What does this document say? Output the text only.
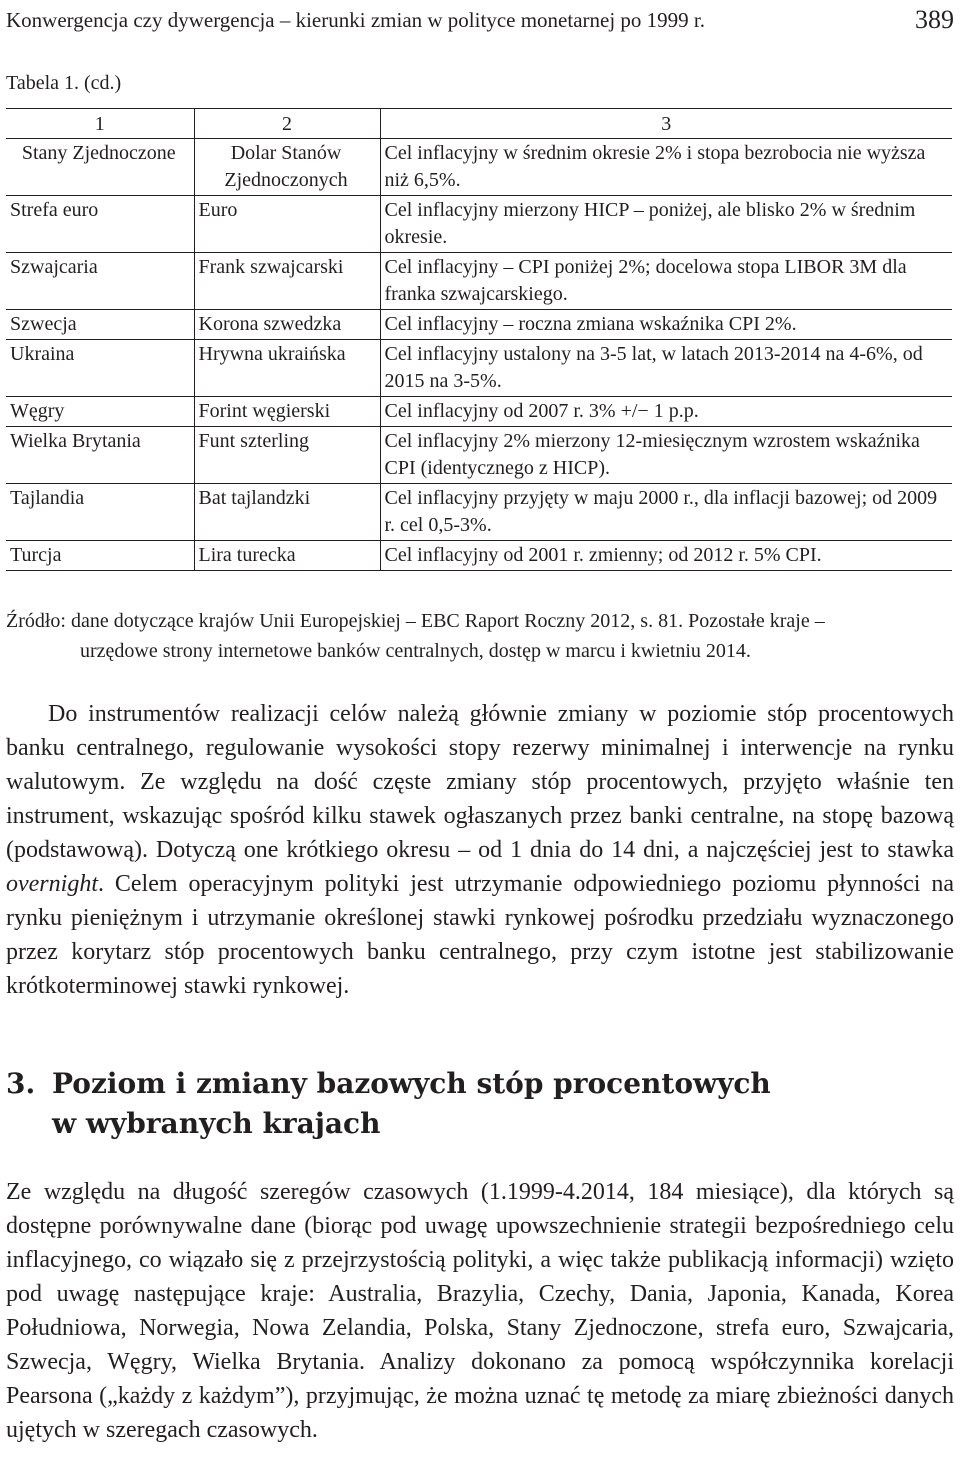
Konwergencja czy dywergencja – kierunki zmian w polityce monetarnej po 1999 r.	389
Tabela 1. (cd.)
1	2	3
Stany Zjednoczone	Dolar Stanów Zjednoczonych	Cel inflacyjny w średnim okresie 2% i stopa bezrobocia nie wyższa niż 6,5%.
Strefa euro	Euro	Cel inflacyjny mierzony HICP – poniżej, ale blisko 2% w średnim okresie.
Szwajcaria	Frank szwajcarski	Cel inflacyjny – CPI poniżej 2%; docelowa stopa LIBOR 3M dla franka szwajcarskiego.
Szwecja	Korona szwedzka	Cel inflacyjny – roczna zmiana wskaźnika CPI 2%.
Ukraina	Hrywna ukraińska	Cel inflacyjny ustalony na 3-5 lat, w latach 2013-2014 na 4-6%, od 2015 na 3-5%.
Węgry	Forint węgierski	Cel inflacyjny od 2007 r. 3% +/− 1 p.p.
Wielka Brytania	Funt szterling	Cel inflacyjny 2% mierzony 12-miesięcznym wzrostem wskaźnika CPI (identycznego z HICP).
Tajlandia	Bat tajlandzki	Cel inflacyjny przyjęty w maju 2000 r., dla inflacji bazowej; od 2009 r. cel 0,5-3%.
Turcja	Lira turecka	Cel inflacyjny od 2001 r. zmienny; od 2012 r. 5% CPI.
Źródło: dane dotyczące krajów Unii Europejskiej – EBC Raport Roczny 2012, s. 81. Pozostałe kraje –
urzędowe strony internetowe banków centralnych, dostęp w marcu i kwietniu 2014.

Do instrumentów realizacji celów należą głównie zmiany w poziomie stóp procentowych banku centralnego, regulowanie wysokości stopy rezerwy minimalnej i interwencje na rynku walutowym. Ze względu na dość częste zmiany stóp procentowych, przyjęto właśnie ten instrument, wskazując spośród kilku stawek ogłaszanych przez banki centralne, na stopę bazową (podstawową). Dotyczą one krótkiego okresu – od 1 dnia do 14 dni, a najczęściej jest to stawka overnight. Celem operacyjnym polityki jest utrzymanie odpowiedniego poziomu płynności na rynku pieniężnym i utrzymanie określonej stawki rynkowej pośrodku przedziału wyznaczonego przez korytarz stóp procentowych banku centralnego, przy czym istotne jest stabilizowanie krótkoterminowej stawki rynkowej.

3. Poziom i zmiany bazowych stóp procentowych
w wybranych krajach

Ze względu na długość szeregów czasowych (1.1999-4.2014, 184 miesiące), dla których są dostępne porównywalne dane (biorąc pod uwagę upowszechnienie strategii bezpośredniego celu inflacyjnego, co wiązało się z przejrzystością polityki, a więc także publikacją informacji) wzięto pod uwagę następujące kraje: Australia, Brazylia, Czechy, Dania, Japonia, Kanada, Korea Południowa, Norwegia, Nowa Zelandia, Polska, Stany Zjednoczone, strefa euro, Szwajcaria, Szwecja, Węgry, Wielka Brytania. Analizy dokonano za pomocą współczynnika korelacji Pearsona („każdy z każdym”), przyjmując, że można uznać tę metodę za miarę zbieżności danych ujętych w szeregach czasowych.
